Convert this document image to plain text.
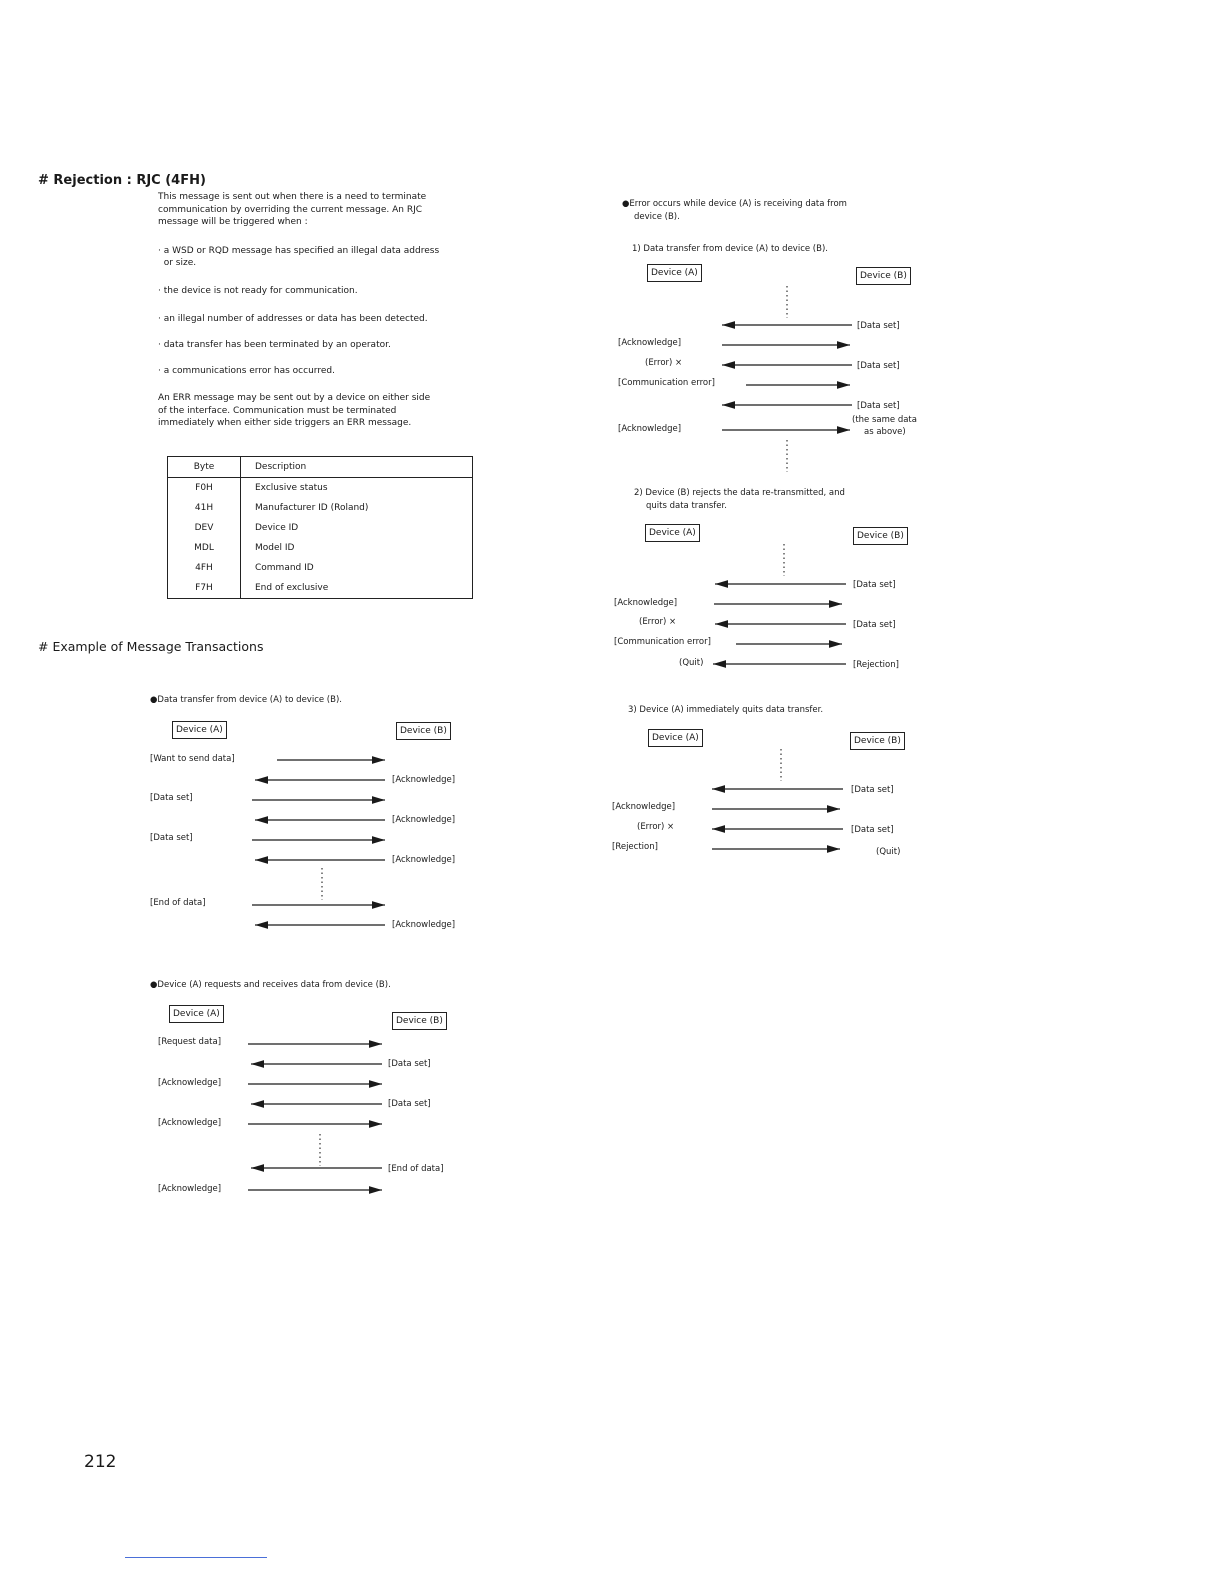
# Rejection : RJC (4FH)
This message is sent out when there is a need to terminate
communication by overriding the current message. An RJC
message will be triggered when :
· a WSD or RQD message has specified an illegal data address
or size.
· the device is not ready for communication.
· an illegal number of addresses or data has been detected.
· data transfer has been terminated by an operator.
· a communications error has occurred.
An ERR message may be sent out by a device on either side
of the interface. Communication must be terminated
immediately when either side triggers an ERR message.
Byte	Description
F0H	Exclusive status
41H	Manufacturer ID (Roland)
DEV	Device ID
MDL	Model ID
4FH	Command ID
F7H	End of exclusive
# Example of Message Transactions
●Data transfer from device (A) to device (B).
Device (A)	Device (B)
[Want to send data]
[Data set]
[Data set]
[End of data]
[Acknowledge]
[Acknowledge]
[Acknowledge]
[Acknowledge]
●Device (A) requests and receives data from device (B).
Device (A)
Device (B)
[Request data]
[Acknowledge]
[Acknowledge]
[Acknowledge]
[Data set]
[Data set]
[End of data]
●Error occurs while device (A) is receiving data from
device (B).
1) Data transfer from device (A) to device (B).
Device (A)	Device (B)
[Acknowledge]
(Error) ×
[Communication error]
[Acknowledge]
[Data set]
[Data set]
[Data set]
(the same data
as above)
2) Device (B) rejects the data re-transmitted, and
quits data transfer.
Device (A)	Device (B)
[Acknowledge]
(Error) ×
[Communication error]
(Quit)
[Data set]
[Data set]
[Rejection]
3) Device (A) immediately quits data transfer.
Device (A)	Device (B)
[Acknowledge]
(Error) ×
[Rejection]
[Data set]
[Data set]
(Quit)
212
